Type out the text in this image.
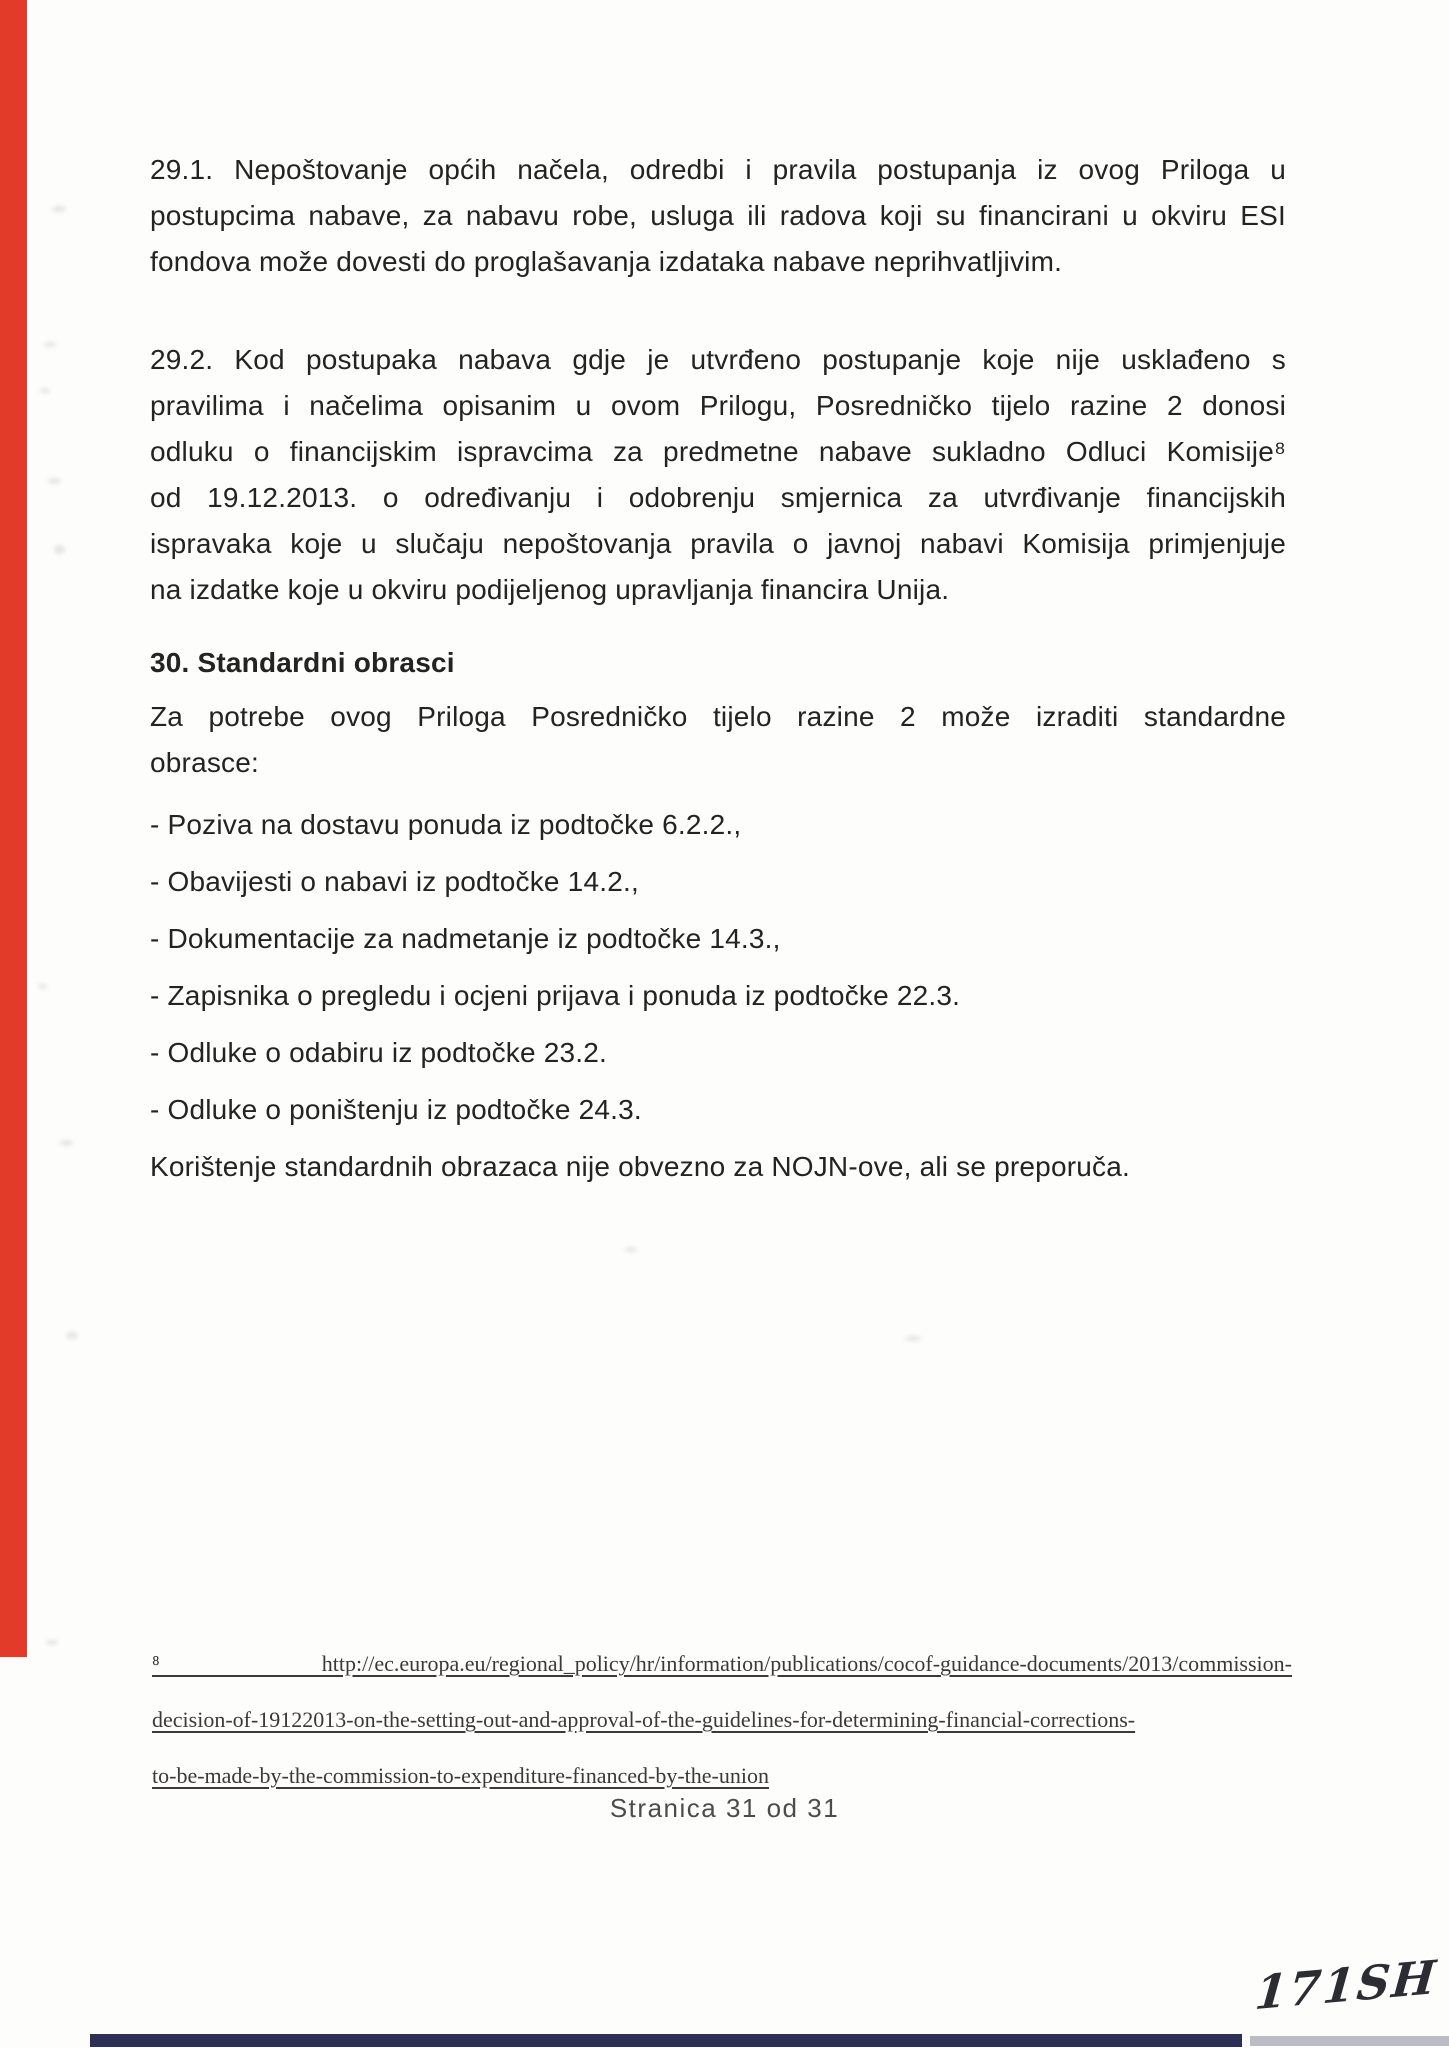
29.1. Nepoštovanje općih načela, odredbi i pravila postupanja iz ovog Priloga u
postupcima nabave, za nabavu robe, usluga ili radova koji su financirani u okviru ESI
fondova može dovesti do proglašavanja izdataka nabave neprihvatljivim.
29.2. Kod postupaka nabava gdje je utvrđeno postupanje koje nije usklađeno s
pravilima i načelima opisanim u ovom Prilogu, Posredničko tijelo razine 2 donosi
odluku o financijskim ispravcima za predmetne nabave sukladno Odluci Komisije⁸
od 19.12.2013. o određivanju i odobrenju smjernica za utvrđivanje financijskih
ispravaka koje u slučaju nepoštovanja pravila o javnoj nabavi Komisija primjenjuje
na izdatke koje u okviru podijeljenog upravljanja financira Unija.
30. Standardni obrasci
Za potrebe ovog Priloga Posredničko tijelo razine 2 može izraditi standardne
obrasce:
- Poziva na dostavu ponuda iz podtočke 6.2.2.,
- Obavijesti o nabavi iz podtočke 14.2.,
- Dokumentacije za nadmetanje iz podtočke 14.3.,
- Zapisnika o pregledu i ocjeni prijava i ponuda iz podtočke 22.3.
- Odluke o odabiru iz podtočke 23.2.
- Odluke o poništenju iz podtočke 24.3.
Korištenje standardnih obrazaca nije obvezno za NOJN-ove, ali se preporuča.
⁸ http://ec.europa.eu/regional_policy/hr/information/publications/cocof-guidance-documents/2013/commission-
decision-of-19122013-on-the-setting-out-and-approval-of-the-guidelines-for-determining-financial-corrections-
to-be-made-by-the-commission-to-expenditure-financed-by-the-union
Stranica 31 od 31
171SH
